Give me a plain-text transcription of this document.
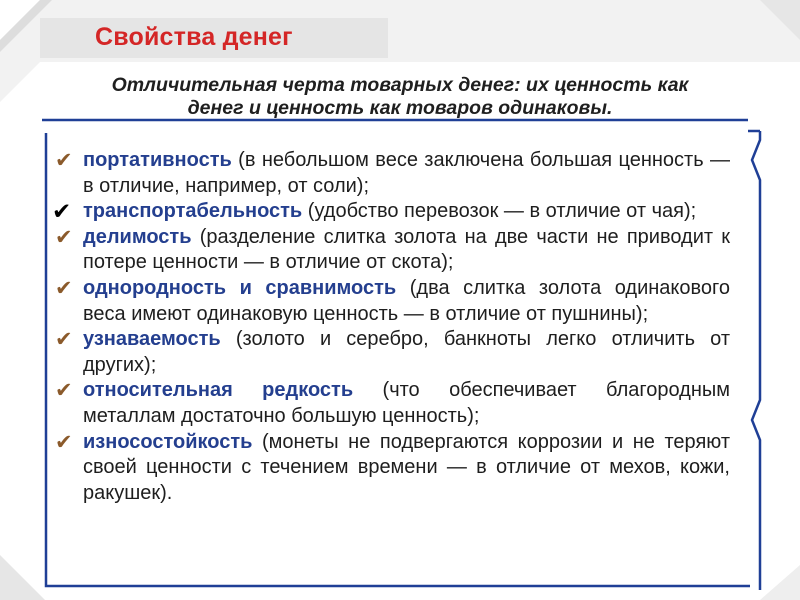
Свойства денег
Отличительная черта товарных денег: их ценность как денег и ценность как товаров одинаковы.
✔ портативность (в небольшом весе заключена большая ценность — в отличие, например, от соли);
✔ транспортабельность (удобство перевозок — в отличие от чая);
✔ делимость (разделение слитка золота на две части не приводит к потере ценности — в отличие от скота);
✔ однородность и сравнимость (два слитка золота одинакового веса имеют одинаковую ценность — в отличие от пушнины);
✔ узнаваемость (золото и серебро, банкноты легко отличить от других);
✔ относительная редкость (что обеспечивает благородным металлам достаточно большую ценность);
✔ износостойкость (монеты не подвергаются коррозии и не теряют своей ценности с течением времени — в отличие от мехов, кожи, ракушек).
